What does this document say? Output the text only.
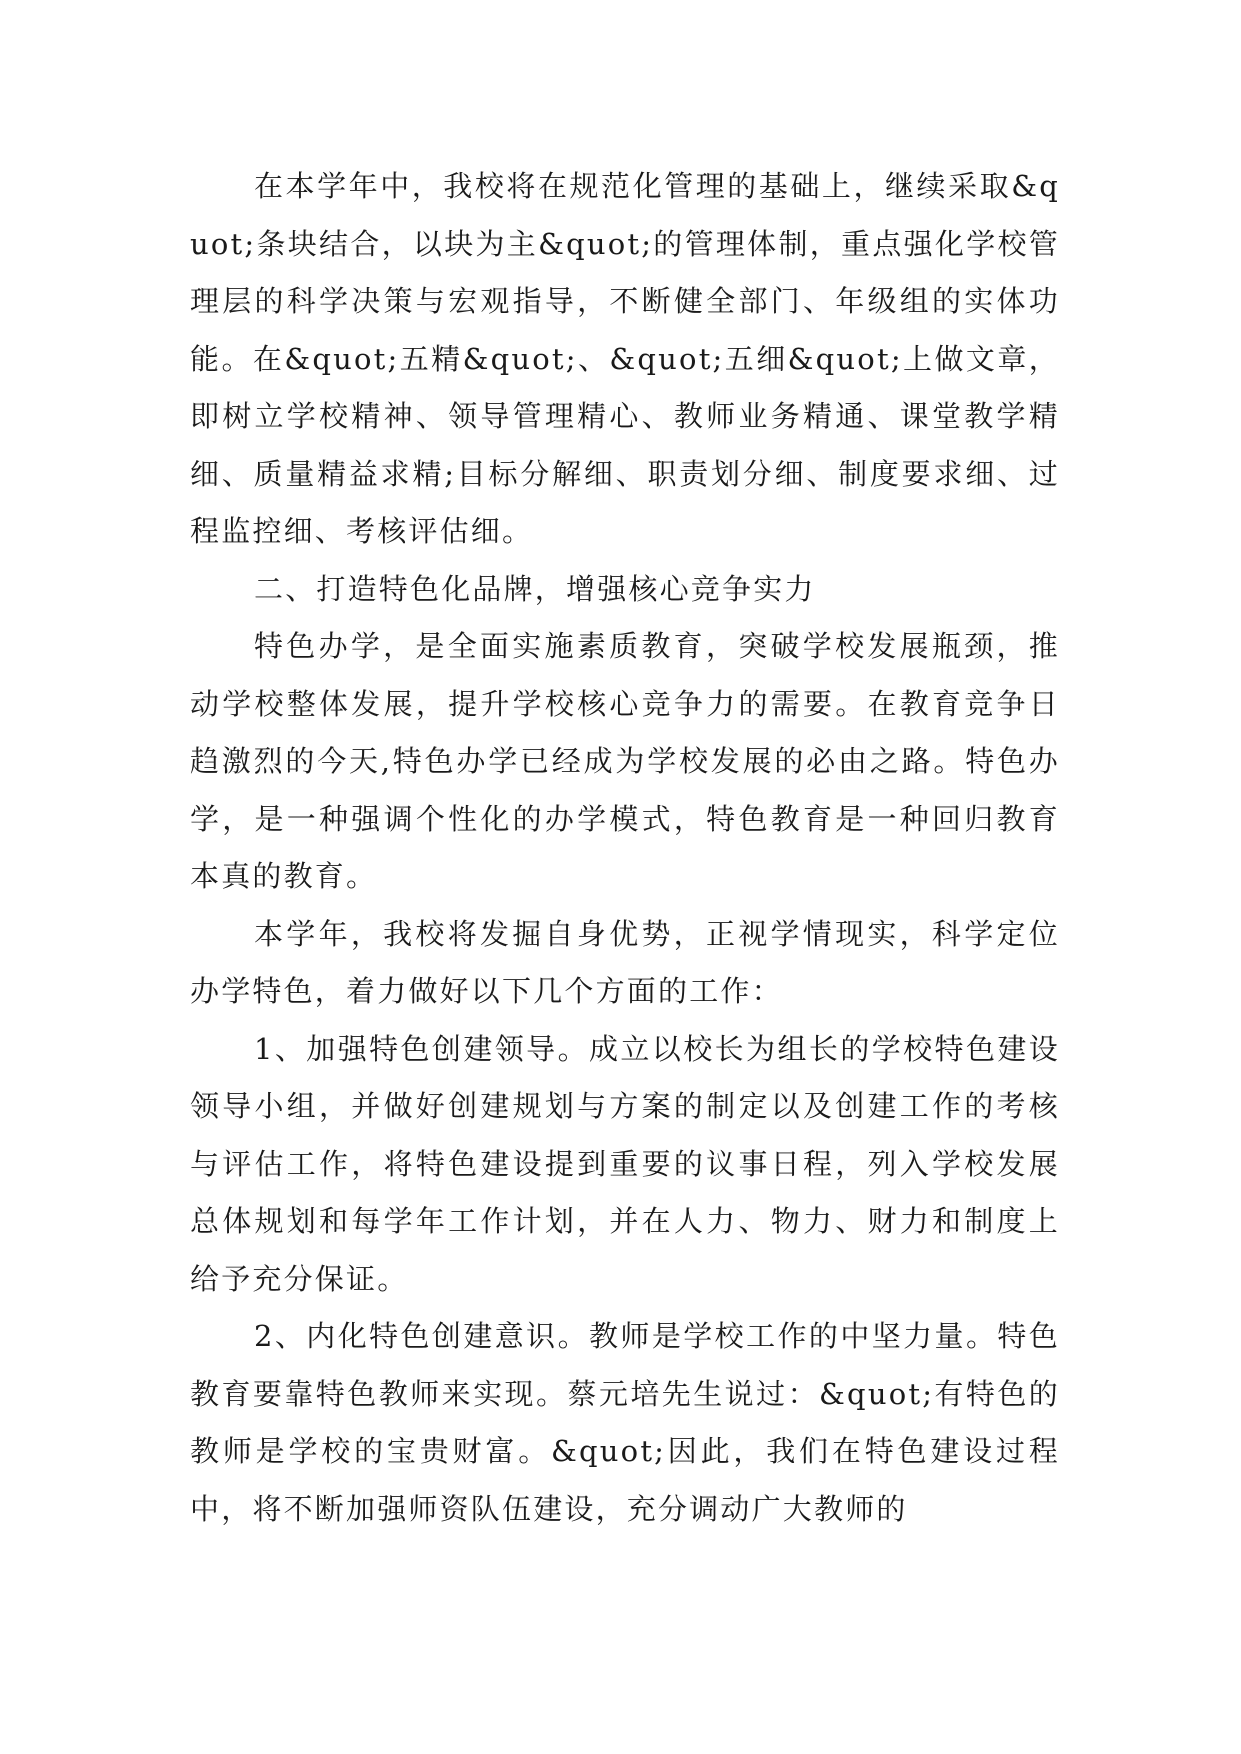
在本学年中，我校将在规范化管理的基础上，继续采取&quot;条块结合，以块为主&quot;的管理体制，重点强化学校管理层的科学决策与宏观指导，不断健全部门、年级组的实体功能。在&quot;五精&quot;、&quot;五细&quot;上做文章，即树立学校精神、领导管理精心、教师业务精通、课堂教学精细、质量精益求精;目标分解细、职责划分细、制度要求细、过程监控细、考核评估细。

二、打造特色化品牌，增强核心竞争实力

特色办学，是全面实施素质教育，突破学校发展瓶颈，推动学校整体发展，提升学校核心竞争力的需要。在教育竞争日趋激烈的今天,特色办学已经成为学校发展的必由之路。特色办学，是一种强调个性化的办学模式，特色教育是一种回归教育本真的教育。

本学年，我校将发掘自身优势，正视学情现实，科学定位办学特色，着力做好以下几个方面的工作：

1、加强特色创建领导。成立以校长为组长的学校特色建设领导小组，并做好创建规划与方案的制定以及创建工作的考核与评估工作，将特色建设提到重要的议事日程，列入学校发展总体规划和每学年工作计划，并在人力、物力、财力和制度上给予充分保证。

2、内化特色创建意识。教师是学校工作的中坚力量。特色教育要靠特色教师来实现。蔡元培先生说过：&quot;有特色的教师是学校的宝贵财富。&quot;因此，我们在特色建设过程中，将不断加强师资队伍建设，充分调动广大教师的
